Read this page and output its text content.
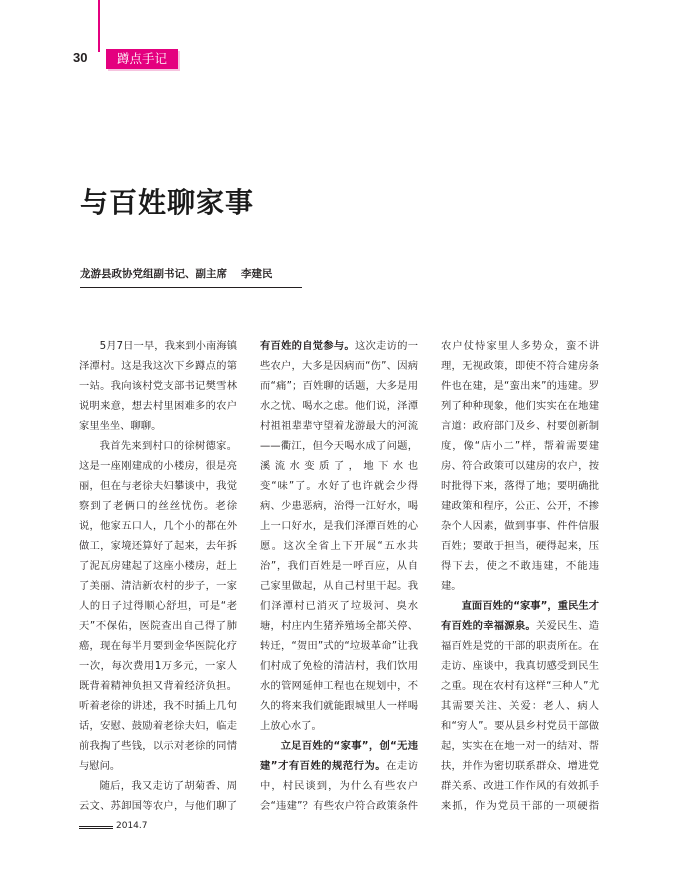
30	蹲点手记
与百姓聊家事
龙游县政协党组副书记、副主席 李建民

5月7日一早，我来到小南海镇泽潭村。这是我这次下乡蹲点的第一站。我向该村党支部书记樊雪林说明来意，想去村里困难多的农户家里坐坐、聊聊。

我首先来到村口的徐树德家。这是一座刚建成的小楼房，很是亮丽，但在与老徐夫妇攀谈中，我觉察到了老俩口的丝丝忧伤。老徐说，他家五口人，几个小的都在外做工，家境还算好了起来，去年拆了泥瓦房建起了这座小楼房，赶上了美丽、清洁新农村的步子，一家人的日子过得顺心舒坦，可是“老天”不保佑，医院查出自己得了肺癌，现在每半月要到金华医院化疗一次，每次费用1万多元，一家人既背着精神负担又背着经济负担。听着老徐的讲述，我不时插上几句话，安慰、鼓励着老徐夫妇，临走前我掏了些钱，以示对老徐的同情与慰问。

随后，我又走访了胡菊香、周云文、苏卸国等农户，与他们聊了

有百姓的自觉参与。这次走访的一些农户，大多是因病而“伤”、因病而“痛”；百姓聊的话题，大多是用水之忧、喝水之虑。他们说，泽潭村祖祖辈辈守望着龙游最大的河流——衢江，但今天喝水成了问题，溪流水变质了，地下水也变“味”了。水好了也许就会少得病、少患恶病，治得一江好水，喝上一口好水，是我们泽潭百姓的心愿。这次全省上下开展“五水共治”，我们百姓是一呼百应，从自己家里做起，从自己村里干起。我们泽潭村已消灭了垃圾河、臭水塘，村庄内生猪养殖场全都关停、转迁，“贺田”式的“垃圾革命”让我们村成了免检的清洁村，我们饮用水的管网延伸工程也在规划中，不久的将来我们就能跟城里人一样喝上放心水了。

立足百姓的“家事”，创“无违建”才有百姓的规范行为。在走访中，村民谈到，为什么有些农户会“违建”？有些农户符合政策条件

农户仗恃家里人多势众，蛮不讲理，无视政策，即使不符合建房条件也在建，是“蛮出来”的违建。罗列了种种现象，他们实实在在地建言道：政府部门及乡、村要创新制度，像“店小二”样，帮着需要建房、符合政策可以建房的农户，按时批得下来，落得了地；要明确批建政策和程序，公正、公开，不掺杂个人因素，做到事事、件件信服百姓；要敢于担当，硬得起来，压得下去，使之不敢违建，不能违建。

直面百姓的“家事”，重民生才有百姓的幸福源泉。关爱民生、造福百姓是党的干部的职责所在。在走访、座谈中，我真切感受到民生之重。现在农村有这样“三种人”尤其需要关注、关爱：老人、病人和“穷人”。要从县乡村党员干部做起，实实在在地一对一的结对、帮扶，并作为密切联系群众、增进党群关系、改进工作作风的有效抓手来抓，作为党员干部的一项硬指

2014.7
